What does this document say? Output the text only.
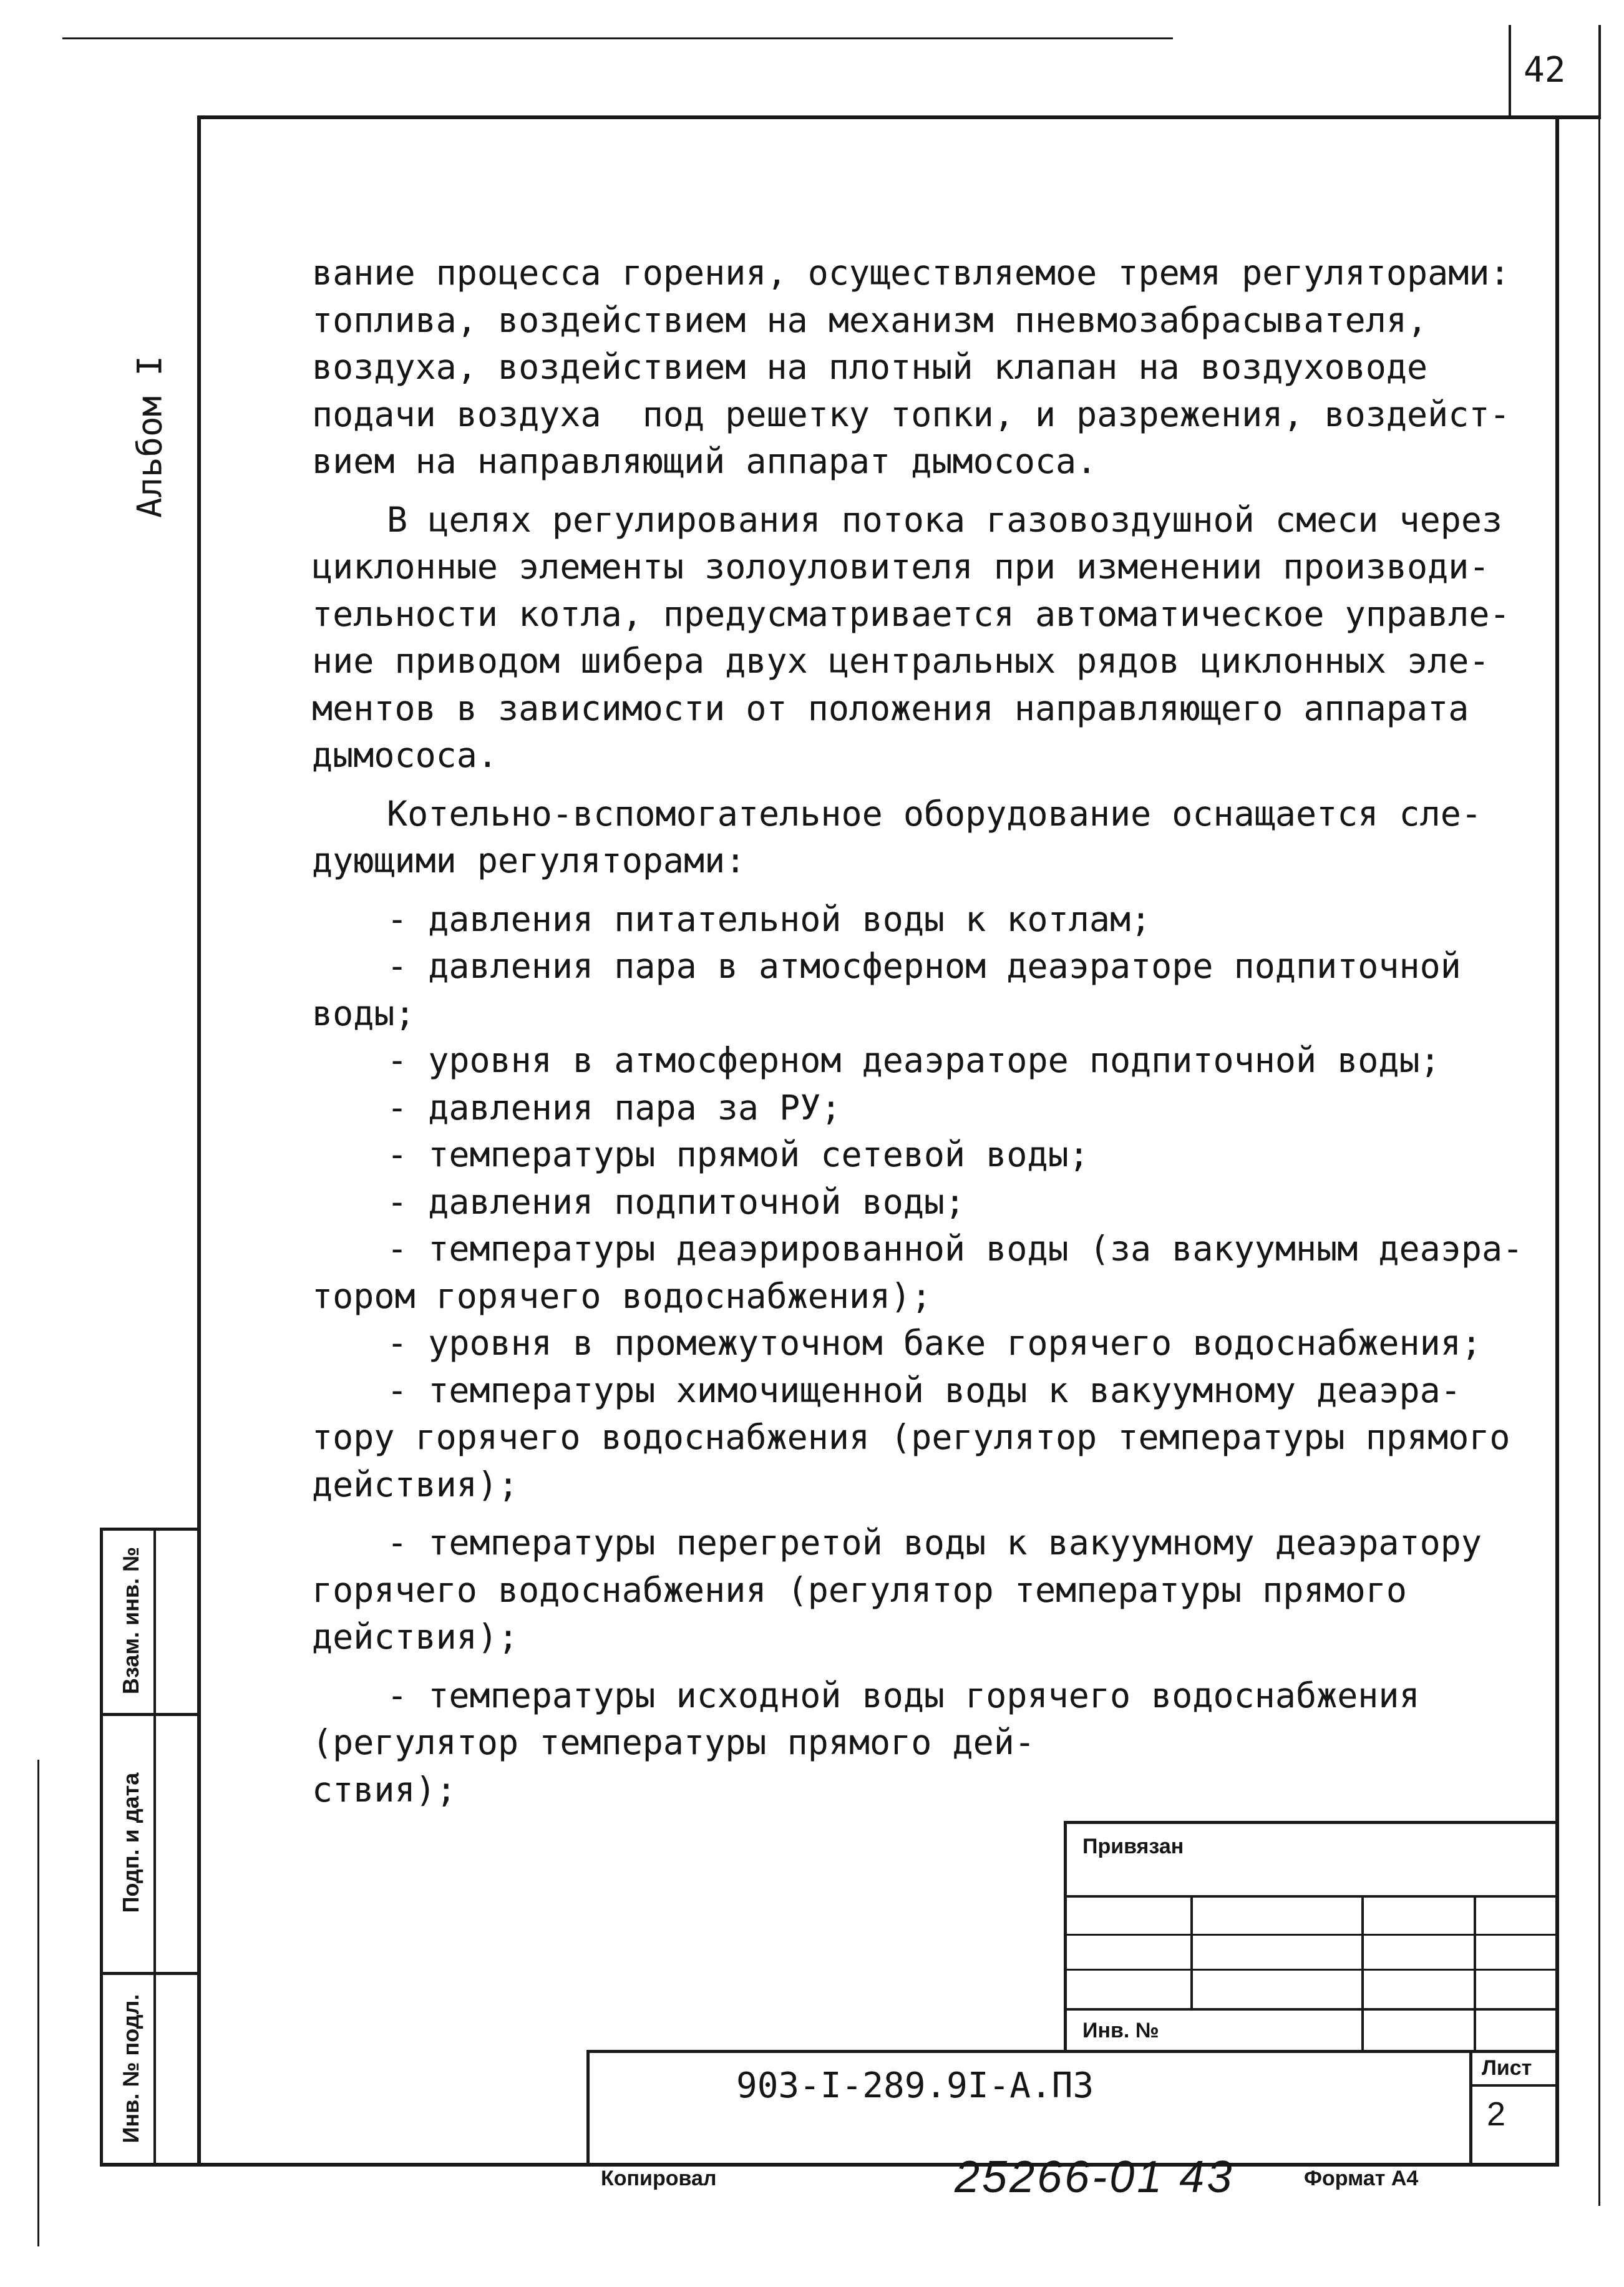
42
Альбом I
вание процесса горения, осуществляемое тремя регуляторами:
топлива, воздействием на механизм пневмозабрасывателя,
воздуха, воздействием на плотный клапан на воздуховоде
подачи воздуха  под решетку топки, и разрежения, воздейст-
вием на направляющий аппарат дымососа.
В целях регулирования потока газовоздушной смеси через
циклонные элементы золоуловителя при изменении производи-
тельности котла, предусматривается автоматическое управле-
ние приводом шибера двух центральных рядов циклонных эле-
ментов в зависимости от положения направляющего аппарата
дымососа.
Котельно-вспомогательное оборудование оснащается сле-
дующими регуляторами:
- давления питательной воды к котлам;
- давления пара в атмосферном деаэраторе подпиточной
воды;
- уровня в атмосферном деаэраторе подпиточной воды;
- давления пара за РУ;
- температуры прямой сетевой воды;
- давления подпиточной воды;
- температуры деаэрированной воды (за вакуумным деаэра-
тором горячего водоснабжения);
- уровня в промежуточном баке горячего водоснабжения;
- температуры химочищенной воды к вакуумному деаэра-
тору горячего водоснабжения (регулятор температуры прямого
действия);
- температуры перегретой воды к вакуумному деаэратору
горячего водоснабжения (регулятор температуры прямого
действия);
- температуры исходной воды горячего водоснабжения
(регулятор температуры прямого дей-
ствия);
Взам. инв. №
Подп. и дата
Инв. № подл.
Привязан
Инв. №
903-I-289.9I-А.ПЗ	Лист
2
Копировал	25266-01 43	Формат А4
